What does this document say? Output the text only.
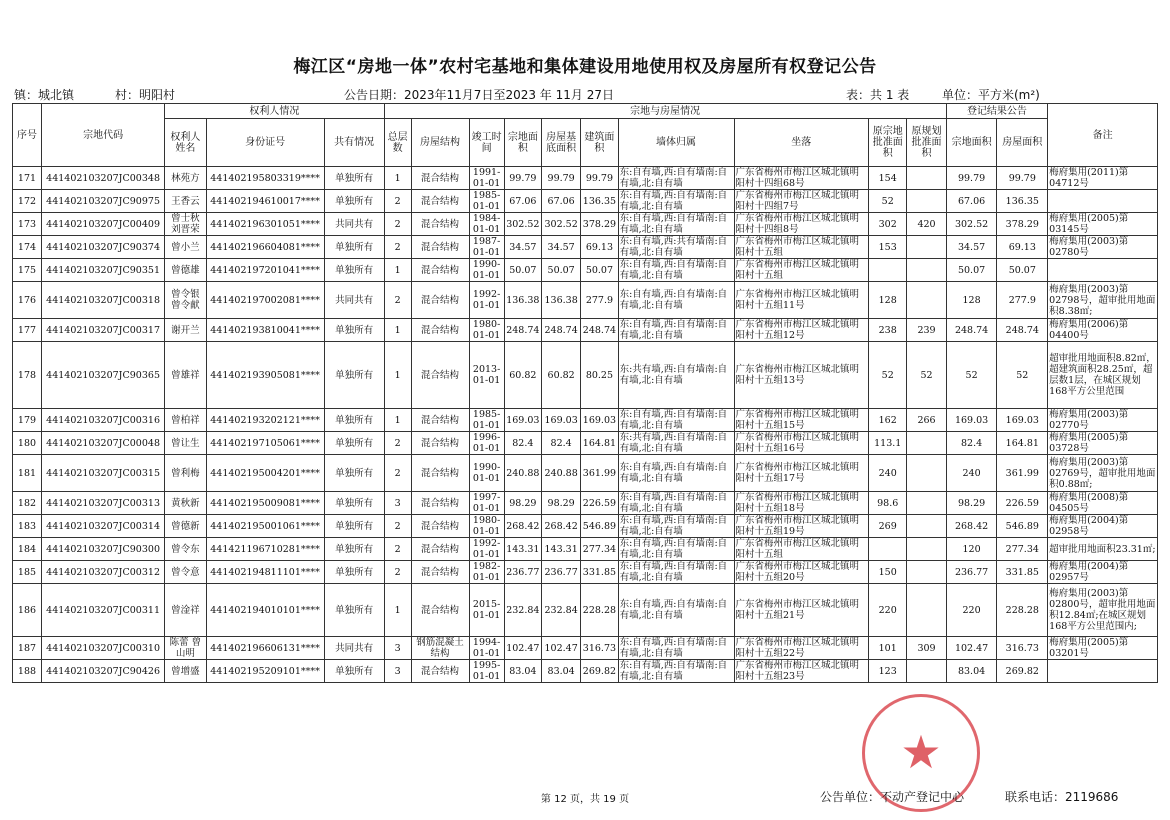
梅江区“房地一体”农村宅基地和集体建设用地使用权及房屋所有权登记公告
镇：城北镇	村：明阳村	公告日期：2023年11月7日至2023 年 11月 27日	表：共 1 表	单位：平方米(m²)
序号	宗地代码	权利人情况			宗地与房屋情况										登记结果公告		备注
		权利人姓名	身份证号	共有情况	总层数	房屋结构	竣工时间	宗地面积	房屋基底面积	建筑面积	墙体归属	坐落	原宗地批准面积	原规划批准面积	宗地面积	房屋面积	
171	441402103207JC00348	林苑方	441402195803319****	单独所有	1	混合结构	1991-01-01	99.79	99.79	99.79	东:自有墙,西:自有墙南:自有墙,北:自有墙	广东省梅州市梅江区城北镇明阳村十四组68号	154		99.79	99.79	梅府集用(2011)第04712号
172	441402103207JC90975	王香云	441402194610017****	单独所有	2	混合结构	1985-01-01	67.06	67.06	136.35	东:自有墙,西:自有墙南:自有墙,北:自有墙	广东省梅州市梅江区城北镇明阳村十四组7号	52		67.06	136.35	
173	441402103207JC00409	曾士秋 刘晋荣	441402196301051****	共同共有	2	混合结构	1984-01-01	302.52	302.52	378.29	东:自有墙,西:自有墙南:自有墙,北:自有墙	广东省梅州市梅江区城北镇明阳村十四组8号	302	420	302.52	378.29	梅府集用(2005)第03145号
174	441402103207JC90374	曾小兰	441402196604081****	单独所有	2	混合结构	1987-01-01	34.57	34.57	69.13	东:自有墙,西:共有墙南:自有墙,北:自有墙	广东省梅州市梅江区城北镇明阳村十五组	153		34.57	69.13	梅府集用(2003)第02780号
175	441402103207JC90351	曾德雄	441402197201041****	单独所有	1	混合结构	1990-01-01	50.07	50.07	50.07	东:自有墙,西:自有墙南:自有墙,北:自有墙	广东省梅州市梅江区城北镇明阳村十五组			50.07	50.07	
176	441402103207JC00318	曾令银 曾令献	441402197002081****	共同共有	2	混合结构	1992-01-01	136.38	136.38	277.9	东:自有墙,西:自有墙南:自有墙,北:自有墙	广东省梅州市梅江区城北镇明阳村十五组11号	128		128	277.9	梅府集用(2003)第02798号，超审批用地面积8.38㎡;
177	441402103207JC00317	谢开兰	441402193810041****	单独所有	1	混合结构	1980-01-01	248.74	248.74	248.74	东:自有墙,西:自有墙南:自有墙,北:自有墙	广东省梅州市梅江区城北镇明阳村十五组12号	238	239	248.74	248.74	梅府集用(2006)第04400号
178	441402103207JC90365	曾雄祥	441402193905081****	单独所有	1	混合结构	2013-01-01	60.82	60.82	80.25	东:共有墙,西:自有墙南:自有墙,北:自有墙	广东省梅州市梅江区城北镇明阳村十五组13号	52	52	52	52	超审批用地面积8.82㎡，超建筑面积28.25㎡，超层数1层，在城区规划168平方公里范围
179	441402103207JC00316	曾柏祥	441402193202121****	单独所有	1	混合结构	1985-01-01	169.03	169.03	169.03	东:自有墙,西:自有墙南:自有墙,北:自有墙	广东省梅州市梅江区城北镇明阳村十五组15号	162	266	169.03	169.03	梅府集用(2003)第02770号
180	441402103207JC00048	曾让生	441402197105061****	单独所有	2	混合结构	1996-01-01	82.4	82.4	164.81	东:共有墙,西:自有墙南:自有墙,北:自有墙	广东省梅州市梅江区城北镇明阳村十五组16号	113.1		82.4	164.81	梅府集用(2005)第03728号
181	441402103207JC00315	曾利梅	441402195004201****	单独所有	2	混合结构	1990-01-01	240.88	240.88	361.99	东:自有墙,西:自有墙南:自有墙,北:自有墙	广东省梅州市梅江区城北镇明阳村十五组17号	240		240	361.99	梅府集用(2003)第02769号，超审批用地面积0.88㎡;
182	441402103207JC00313	黄秋新	441402195009081****	单独所有	3	混合结构	1997-01-01	98.29	98.29	226.59	东:自有墙,西:自有墙南:自有墙,北:自有墙	广东省梅州市梅江区城北镇明阳村十五组18号	98.6		98.29	226.59	梅府集用(2008)第04505号
183	441402103207JC00314	曾德新	441402195001061****	单独所有	2	混合结构	1980-01-01	268.42	268.42	546.89	东:自有墙,西:自有墙南:自有墙,北:自有墙	广东省梅州市梅江区城北镇明阳村十五组19号	269		268.42	546.89	梅府集用(2004)第02958号
184	441402103207JC90300	曾令东	441421196710281****	单独所有	2	混合结构	1992-01-01	143.31	143.31	277.34	东:自有墙,西:自有墙南:自有墙,北:自有墙	广东省梅州市梅江区城北镇明阳村十五组			120	277.34	超审批用地面积23.31㎡;
185	441402103207JC00312	曾令意	441402194811101****	单独所有	2	混合结构	1982-01-01	236.77	236.77	331.85	东:自有墙,西:自有墙南:自有墙,北:自有墙	广东省梅州市梅江区城北镇明阳村十五组20号	150		236.77	331.85	梅府集用(2004)第02957号
186	441402103207JC00311	曾淦祥	441402194010101****	单独所有	1	混合结构	2015-01-01	232.84	232.84	228.28	东:自有墙,西:自有墙南:自有墙,北:自有墙	广东省梅州市梅江区城北镇明阳村十五组21号	220		220	228.28	梅府集用(2003)第02800号，超审批用地面积12.84㎡;在城区规划168平方公里范围内;
187	441402103207JC00310	陈蕾 曾山明	441402196606131****	共同共有	3	钢筋混凝土结构	1994-01-01	102.47	102.47	316.73	东:自有墙,西:自有墙南:自有墙,北:自有墙	广东省梅州市梅江区城北镇明阳村十五组22号	101	309	102.47	316.73	梅府集用(2005)第03201号
188	441402103207JC90426	曾增盛	441402195209101****	单独所有	3	混合结构	1995-01-01	83.04	83.04	269.82	东:自有墙,西:自有墙南:自有墙,北:自有墙	广东省梅州市梅江区城北镇明阳村十五组23号	123		83.04	269.82	
★
第 12 页，共 19 页	公告单位：不动产登记中心	联系电话：2119686
